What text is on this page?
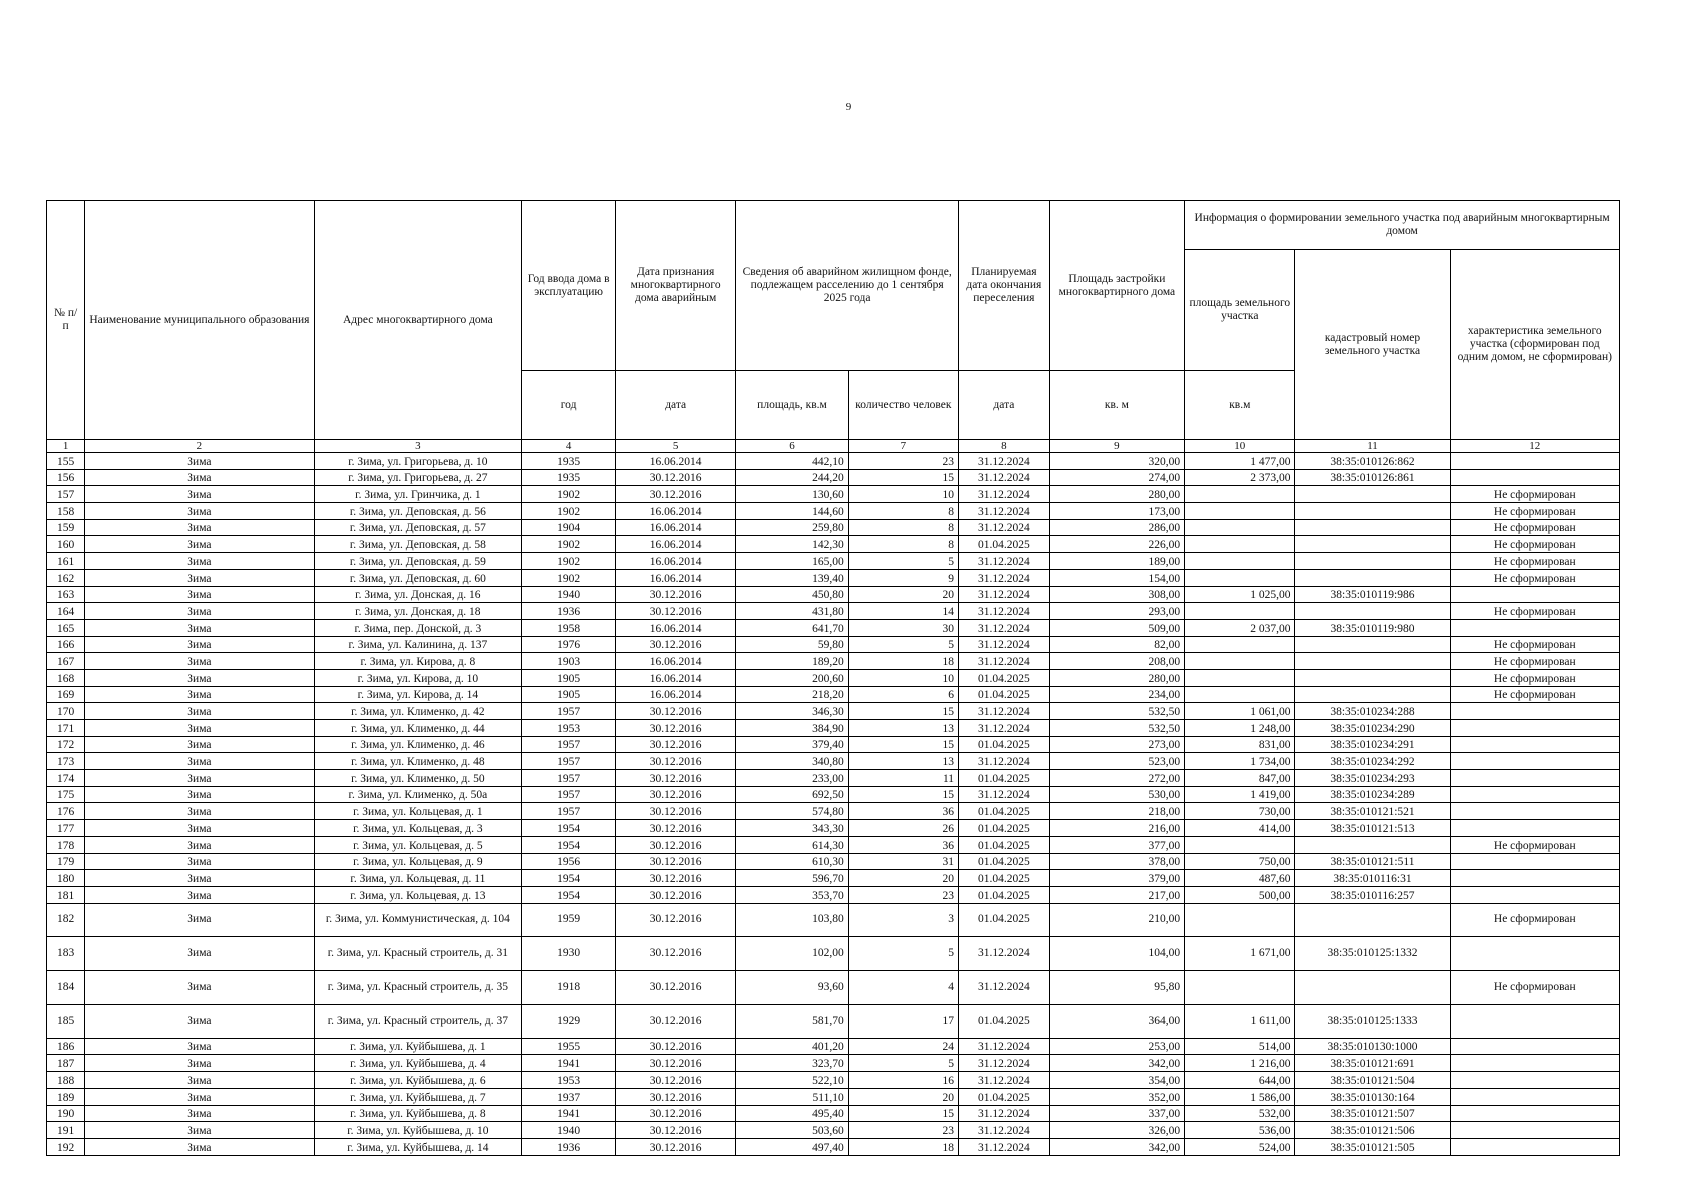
9
№ п/п	Наименование муниципального образования	Адрес многоквартирного дома	Год ввода дома в эксплуатацию	Дата признания многоквартирного дома аварийным	Сведения об аварийном жилищном фонде, подлежащем расселению до 1 сентября 2025 года		Планируемая дата окончания переселения	Площадь застройки многоквартирного дома	Информация о формировании земельного участка под аварийным многоквартирным домом		
									площадь земельного участка	кадастровый номер земельного участка	характеристика земельного участка (сформирован под одним домом, не сформирован)
			год	дата	площадь, кв.м	количество человек	дата	кв. м	кв.м		
1	2	3	4	5	6	7	8	9	10	11	12
155	Зима	г. Зима, ул. Григорьева, д. 10	1935	16.06.2014	442,10	23	31.12.2024	320,00	1 477,00	38:35:010126:862	
156	Зима	г. Зима, ул. Григорьева, д. 27	1935	30.12.2016	244,20	15	31.12.2024	274,00	2 373,00	38:35:010126:861	
157	Зима	г. Зима, ул. Гринчика, д. 1	1902	30.12.2016	130,60	10	31.12.2024	280,00			Не сформирован
158	Зима	г. Зима, ул. Деповская, д. 56	1902	16.06.2014	144,60	8	31.12.2024	173,00			Не сформирован
159	Зима	г. Зима, ул. Деповская, д. 57	1904	16.06.2014	259,80	8	31.12.2024	286,00			Не сформирован
160	Зима	г. Зима, ул. Деповская, д. 58	1902	16.06.2014	142,30	8	01.04.2025	226,00			Не сформирован
161	Зима	г. Зима, ул. Деповская, д. 59	1902	16.06.2014	165,00	5	31.12.2024	189,00			Не сформирован
162	Зима	г. Зима, ул. Деповская, д. 60	1902	16.06.2014	139,40	9	31.12.2024	154,00			Не сформирован
163	Зима	г. Зима, ул. Донская, д. 16	1940	30.12.2016	450,80	20	31.12.2024	308,00	1 025,00	38:35:010119:986	
164	Зима	г. Зима, ул. Донская, д. 18	1936	30.12.2016	431,80	14	31.12.2024	293,00			Не сформирован
165	Зима	г. Зима, пер. Донской, д. 3	1958	16.06.2014	641,70	30	31.12.2024	509,00	2 037,00	38:35:010119:980	
166	Зима	г. Зима, ул. Калинина, д. 137	1976	30.12.2016	59,80	5	31.12.2024	82,00			Не сформирован
167	Зима	г. Зима, ул. Кирова, д. 8	1903	16.06.2014	189,20	18	31.12.2024	208,00			Не сформирован
168	Зима	г. Зима, ул. Кирова, д. 10	1905	16.06.2014	200,60	10	01.04.2025	280,00			Не сформирован
169	Зима	г. Зима, ул. Кирова, д. 14	1905	16.06.2014	218,20	6	01.04.2025	234,00			Не сформирован
170	Зима	г. Зима, ул. Клименко, д. 42	1957	30.12.2016	346,30	15	31.12.2024	532,50	1 061,00	38:35:010234:288	
171	Зима	г. Зима, ул. Клименко, д. 44	1953	30.12.2016	384,90	13	31.12.2024	532,50	1 248,00	38:35:010234:290	
172	Зима	г. Зима, ул. Клименко, д. 46	1957	30.12.2016	379,40	15	01.04.2025	273,00	831,00	38:35:010234:291	
173	Зима	г. Зима, ул. Клименко, д. 48	1957	30.12.2016	340,80	13	31.12.2024	523,00	1 734,00	38:35:010234:292	
174	Зима	г. Зима, ул. Клименко, д. 50	1957	30.12.2016	233,00	11	01.04.2025	272,00	847,00	38:35:010234:293	
175	Зима	г. Зима, ул. Клименко, д. 50а	1957	30.12.2016	692,50	15	31.12.2024	530,00	1 419,00	38:35:010234:289	
176	Зима	г. Зима, ул. Кольцевая, д. 1	1957	30.12.2016	574,80	36	01.04.2025	218,00	730,00	38:35:010121:521	
177	Зима	г. Зима, ул. Кольцевая, д. 3	1954	30.12.2016	343,30	26	01.04.2025	216,00	414,00	38:35:010121:513	
178	Зима	г. Зима, ул. Кольцевая, д. 5	1954	30.12.2016	614,30	36	01.04.2025	377,00			Не сформирован
179	Зима	г. Зима, ул. Кольцевая, д. 9	1956	30.12.2016	610,30	31	01.04.2025	378,00	750,00	38:35:010121:511	
180	Зима	г. Зима, ул. Кольцевая, д. 11	1954	30.12.2016	596,70	20	01.04.2025	379,00	487,60	38:35:010116:31	
181	Зима	г. Зима, ул. Кольцевая, д. 13	1954	30.12.2016	353,70	23	01.04.2025	217,00	500,00	38:35:010116:257	
182	Зима	г. Зима, ул. Коммунистическая, д. 104	1959	30.12.2016	103,80	3	01.04.2025	210,00			Не сформирован
183	Зима	г. Зима, ул. Красный строитель, д. 31	1930	30.12.2016	102,00	5	31.12.2024	104,00	1 671,00	38:35:010125:1332	
184	Зима	г. Зима, ул. Красный строитель, д. 35	1918	30.12.2016	93,60	4	31.12.2024	95,80			Не сформирован
185	Зима	г. Зима, ул. Красный строитель, д. 37	1929	30.12.2016	581,70	17	01.04.2025	364,00	1 611,00	38:35:010125:1333	
186	Зима	г. Зима, ул. Куйбышева, д. 1	1955	30.12.2016	401,20	24	31.12.2024	253,00	514,00	38:35:010130:1000	
187	Зима	г. Зима, ул. Куйбышева, д. 4	1941	30.12.2016	323,70	5	31.12.2024	342,00	1 216,00	38:35:010121:691	
188	Зима	г. Зима, ул. Куйбышева, д. 6	1953	30.12.2016	522,10	16	31.12.2024	354,00	644,00	38:35:010121:504	
189	Зима	г. Зима, ул. Куйбышева, д. 7	1937	30.12.2016	511,10	20	01.04.2025	352,00	1 586,00	38:35:010130:164	
190	Зима	г. Зима, ул. Куйбышева, д. 8	1941	30.12.2016	495,40	15	31.12.2024	337,00	532,00	38:35:010121:507	
191	Зима	г. Зима, ул. Куйбышева, д. 10	1940	30.12.2016	503,60	23	31.12.2024	326,00	536,00	38:35:010121:506	
192	Зима	г. Зима, ул. Куйбышева, д. 14	1936	30.12.2016	497,40	18	31.12.2024	342,00	524,00	38:35:010121:505	
